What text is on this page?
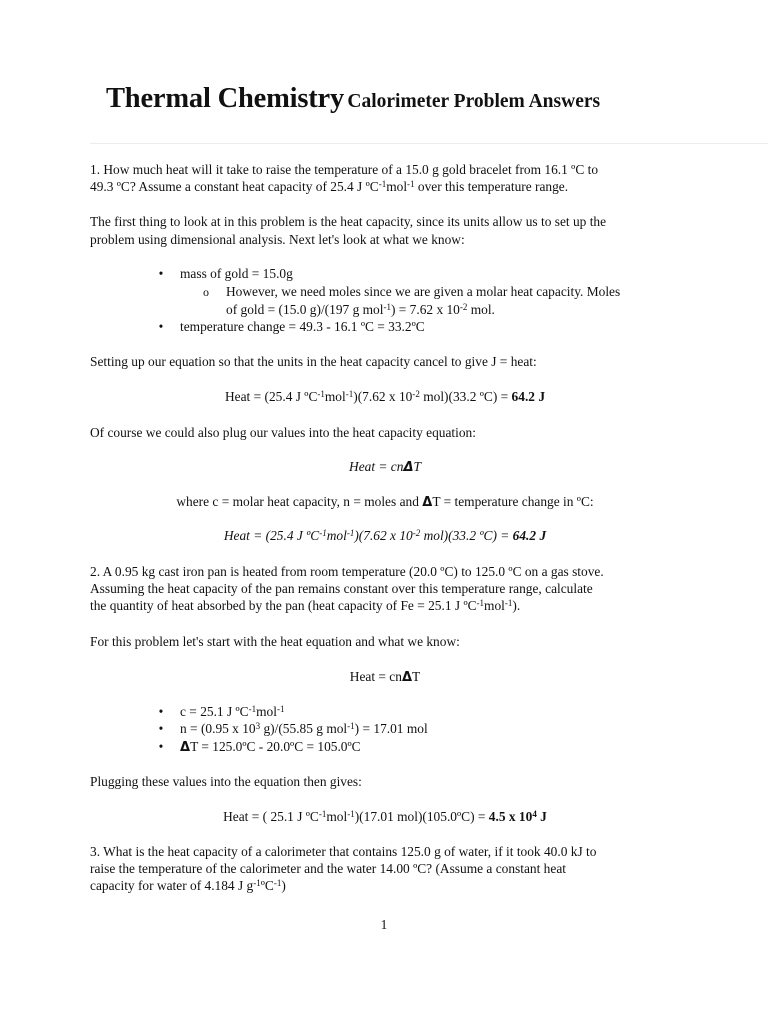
Thermal Chemistry Calorimeter Problem Answers

1. How much heat will it take to raise the temperature of a 15.0 g gold bracelet from 16.1 ºC to

49.3 ºC? Assume a constant heat capacity of 25.4 J ºC$^{-1}$mol$^{-1}$ over this temperature range.

The first thing to look at in this problem is the heat capacity, since its units allow us to set up the

problem using dimensional analysis. Next let's look at what we know:

• mass of gold = 15.0g

o However, we need moles since we are given a molar heat capacity. Moles

of gold = (15.0 g)/(197 g mol$^{-1}$) = 7.62 x $10^{-2}$ mol.

• temperature change = 49.3 - 16.1 ºC = 33.2ºC

Setting up our equation so that the units in the heat capacity cancel to give J = heat:

Heat = (25.4 J ºC$^{-1}$mol$^{-1}$)(7.62 x $10^{-2}$ mol)(33.2 ºC) = 64.2 J

Of course we could also plug our values into the heat capacity equation:

Heat = cnΔT

where c = molar heat capacity, n = moles and ΔT = temperature change in ºC:

Heat = (25.4 J ºC$^{-1}$mol$^{-1}$)(7.62 x $10^{-2}$ mol)(33.2 ºC) = 64.2 J

2. A 0.95 kg cast iron pan is heated from room temperature (20.0 ºC) to 125.0 ºC on a gas stove.

Assuming the heat capacity of the pan remains constant over this temperature range, calculate

the quantity of heat absorbed by the pan (heat capacity of Fe = 25.1 J ºC$^{-1}$mol$^{-1}$).

For this problem let's start with the heat equation and what we know:

Heat = cnΔT

• c = 25.1 J ºC$^{-1}$mol$^{-1}$

• n = (0.95 x $10^3$ g)/(55.85 g mol$^{-1}$) = 17.01 mol

• ΔT = 125.0ºC - 20.0ºC = 105.0ºC

Plugging these values into the equation then gives:

Heat = ( 25.1 J ºC$^{-1}$mol$^{-1}$)(17.01 mol)(105.0ºC) = 4.5 x $10^4$ J

3. What is the heat capacity of a calorimeter that contains 125.0 g of water, if it took 40.0 kJ to

raise the temperature of the calorimeter and the water 14.00 ºC? (Assume a constant heat

capacity for water of 4.184 J $g^{-1}ºC^{-1}$)

1
